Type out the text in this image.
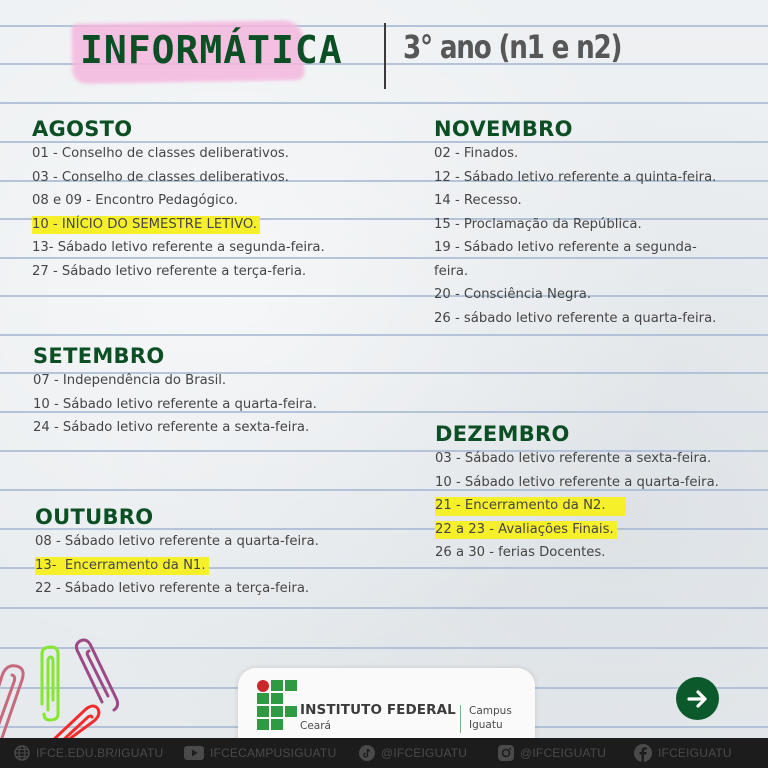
INFORMÁTICA 3° ano (n1 e n2)
AGOSTO
01 - Conselho de classes deliberativos.
03 - Conselho de classes deliberativos.
08 e 09 - Encontro Pedagógico.
10 - INÍCIO DO SEMESTRE LETIVO.
13- Sábado letivo referente a segunda-feira.
27 - Sábado letivo referente a terça-feria.
SETEMBRO
07 - Independência do Brasil.
10 - Sábado letivo referente a quarta-feira.
24 - Sábado letivo referente a sexta-feira.
OUTUBRO
08 - Sábado letivo referente a quarta-feira.
13-  Encerramento da N1.
22 - Sábado letivo referente a terça-feira.
NOVEMBRO
02 - Finados.
12 - Sábado letivo referente a quinta-feira.
14 - Recesso.
15 - Proclamação da República.
19 - Sábado letivo referente a segunda-feira.
20 - Consciência Negra.
26 - sábado letivo referente a quarta-feira.
DEZEMBRO
03 - Sábado letivo referente a sexta-feira.
10 - Sábado letivo referente a quarta-feira.
21 - Encerramento da N2.
22 a 23 - Avaliações Finais.
26 a 30 - ferias Docentes.
INSTITUTO FEDERAL
Ceará
Campus
Iguatu
IFCE.EDU.BR/IGUATU	IFCECAMPUSIGUATU	@IFCEIGUATU	@IFCEIGUATU	IFCEIGUATU
